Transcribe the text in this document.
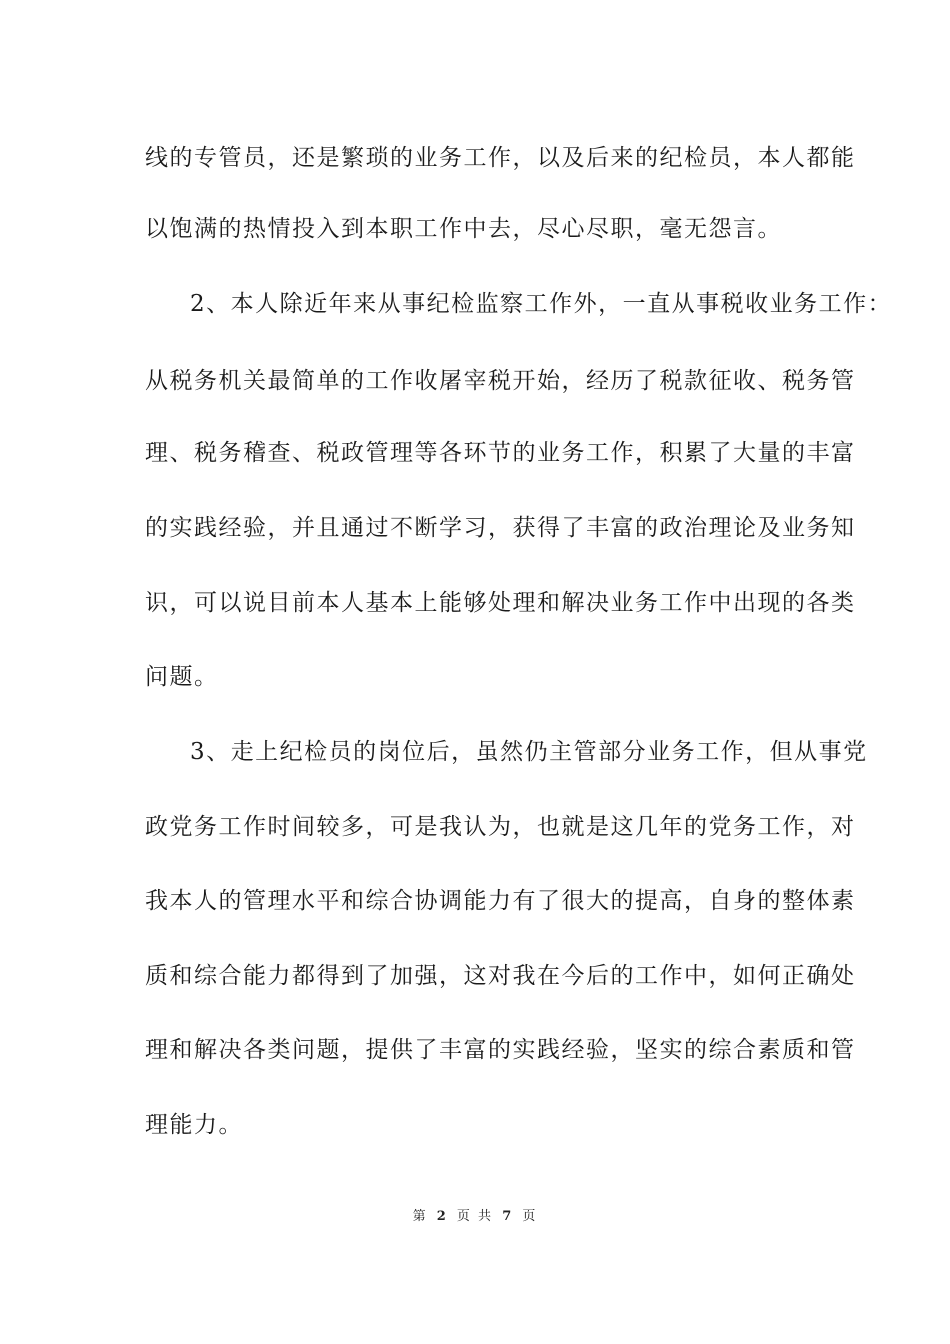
线的专管员，还是繁琐的业务工作，以及后来的纪检员，本人都能
以饱满的热情投入到本职工作中去，尽心尽职，毫无怨言。
2、本人除近年来从事纪检监察工作外，一直从事税收业务工作：
从税务机关最简单的工作收屠宰税开始，经历了税款征收、税务管
理、税务稽查、税政管理等各环节的业务工作，积累了大量的丰富
的实践经验，并且通过不断学习，获得了丰富的政治理论及业务知
识，可以说目前本人基本上能够处理和解决业务工作中出现的各类
问题。
3、走上纪检员的岗位后，虽然仍主管部分业务工作，但从事党
政党务工作时间较多，可是我认为，也就是这几年的党务工作，对
我本人的管理水平和综合协调能力有了很大的提高，自身的整体素
质和综合能力都得到了加强，这对我在今后的工作中，如何正确处
理和解决各类问题，提供了丰富的实践经验，坚实的综合素质和管
理能力。
第 2 页 共 7 页
